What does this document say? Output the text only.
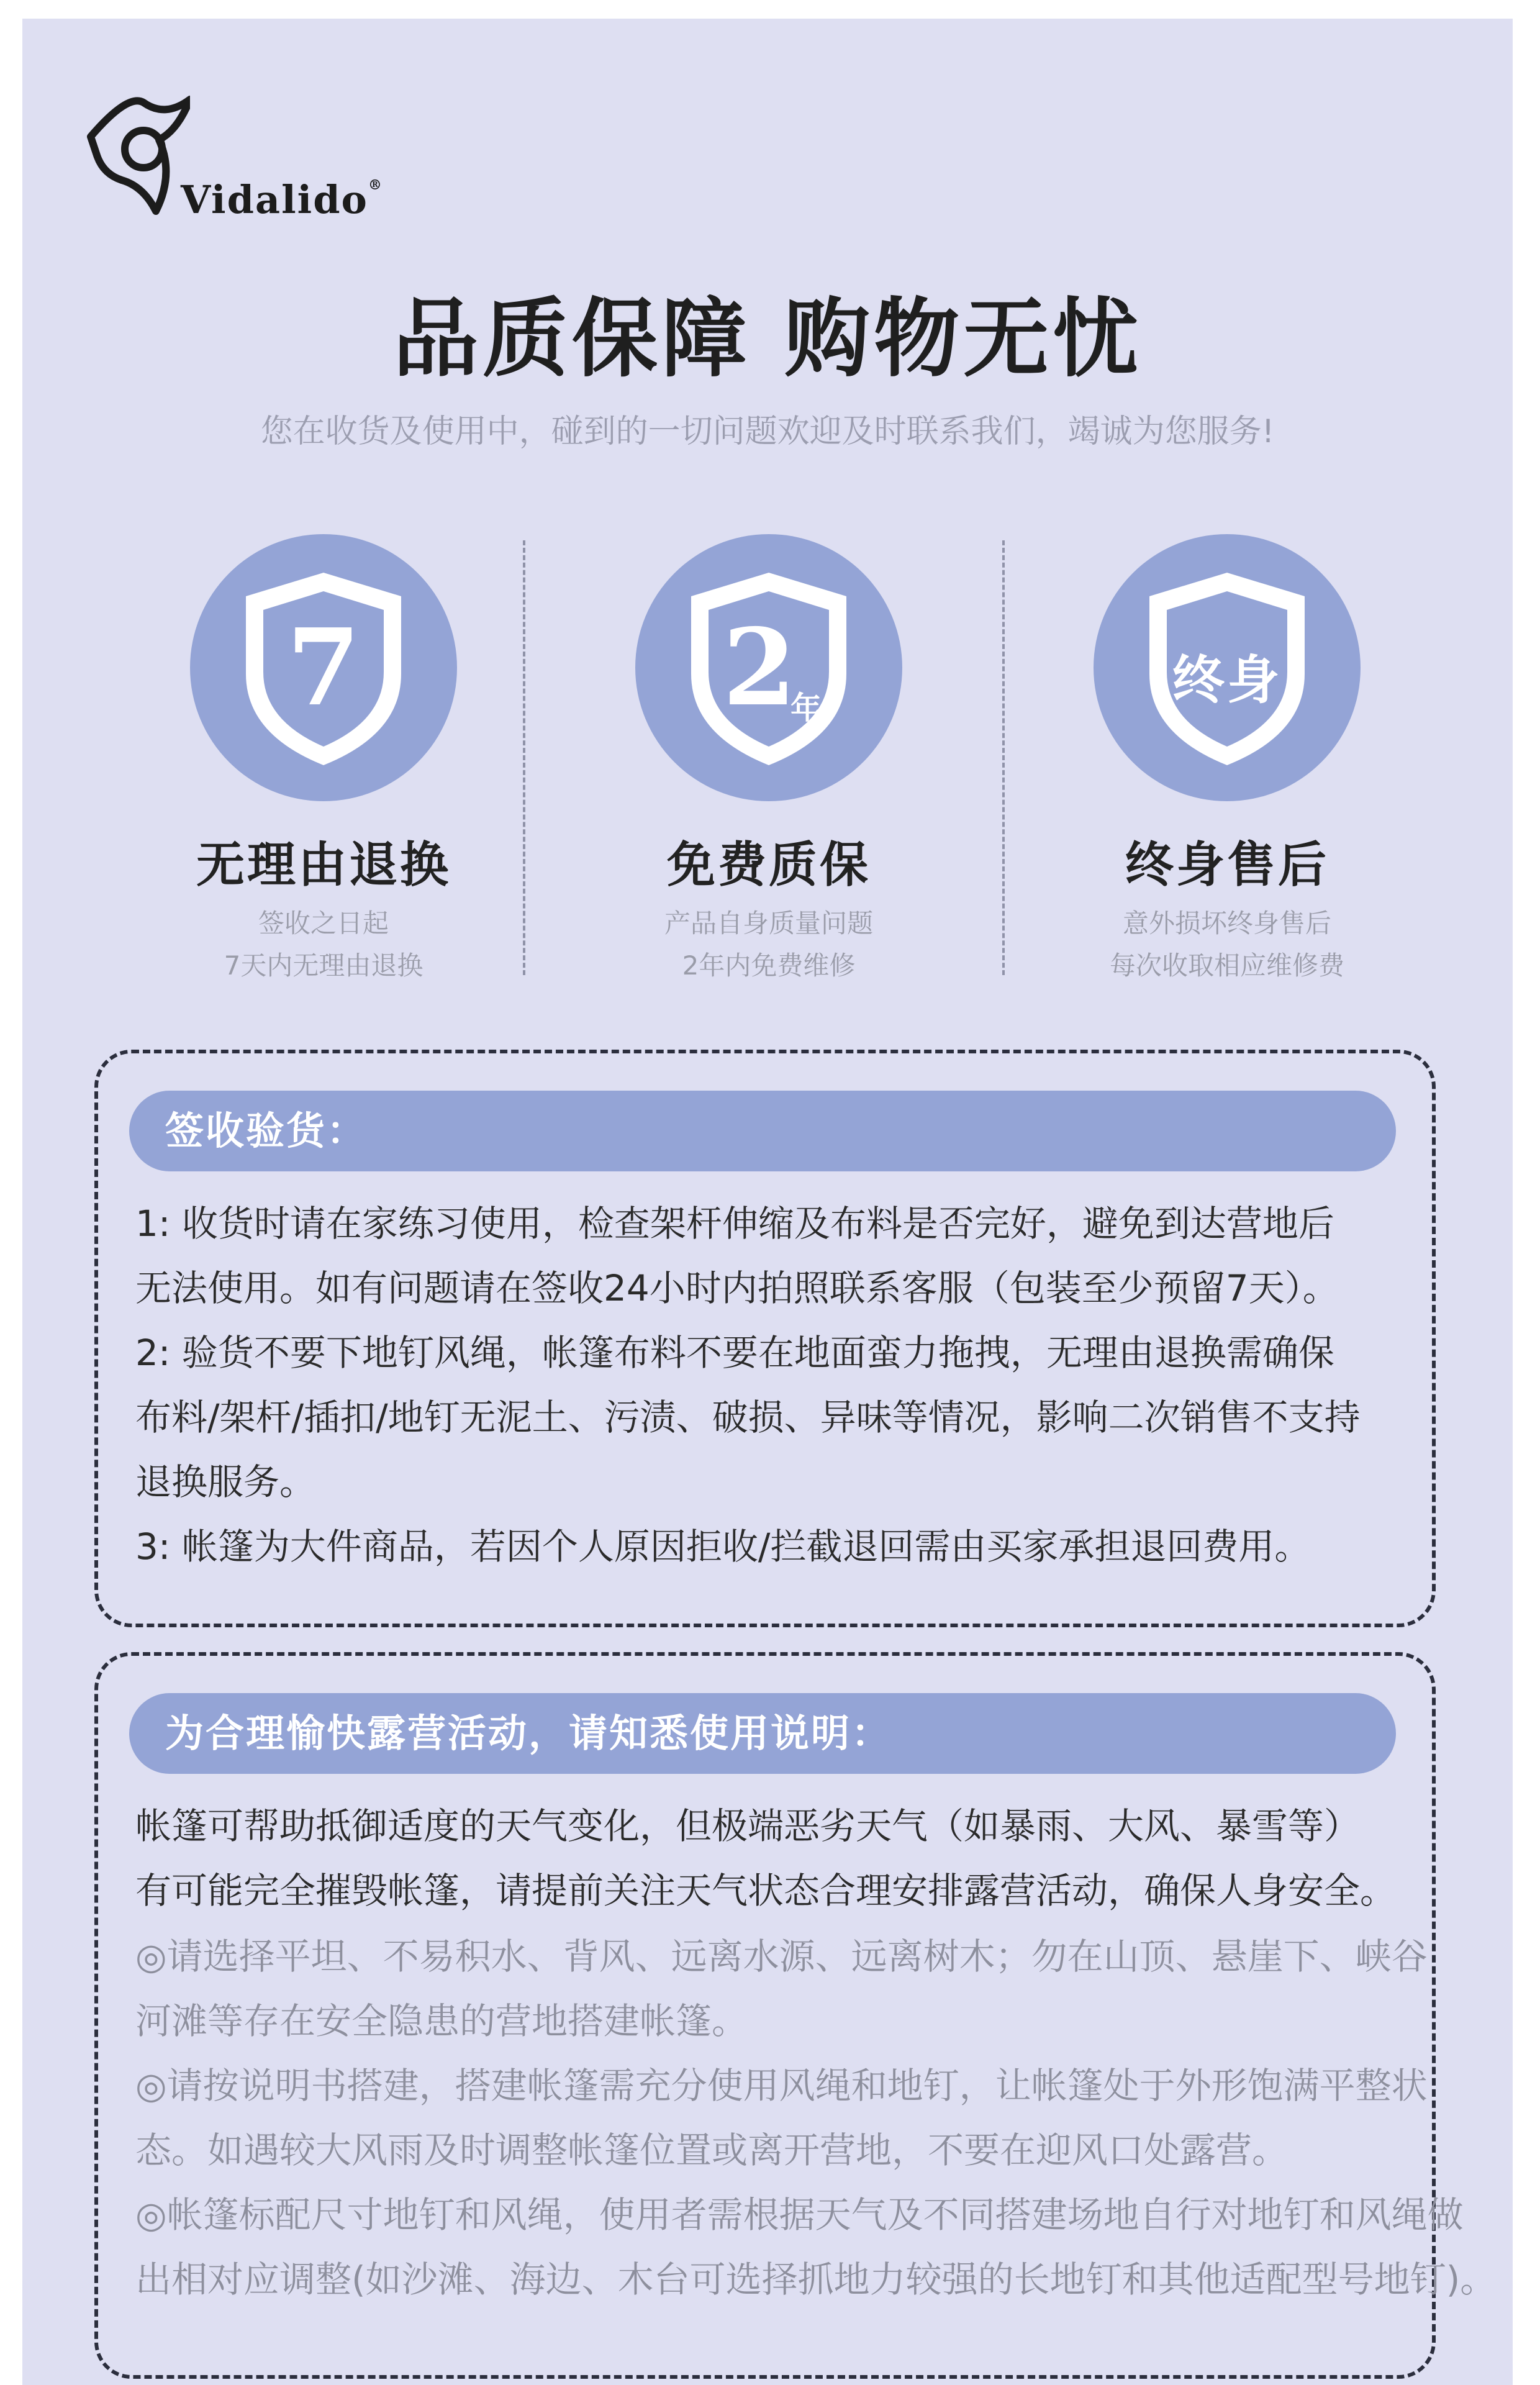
Vidalido®
品质保障 购物无忧
您在收货及使用中，碰到的一切问题欢迎及时联系我们，竭诚为您服务!
7
无理由退换
签收之日起
7天内无理由退换
2
年
免费质保
产品自身质量问题
2年内免费维修
终身
终身售后
意外损坏终身售后
每次收取相应维修费
签收验货：

1: 收货时请在家练习使用，检查架杆伸缩及布料是否完好，避免到达营地后

无法使用。如有问题请在签收24小时内拍照联系客服（包装至少预留7天）。

2: 验货不要下地钉风绳，帐篷布料不要在地面蛮力拖拽，无理由退换需确保

布料/架杆/插扣/地钉无泥土、污渍、破损、异味等情况，影响二次销售不支持

退换服务。

3: 帐篷为大件商品，若因个人原因拒收/拦截退回需由买家承担退回费用。

为合理愉快露营活动，请知悉使用说明：

帐篷可帮助抵御适度的天气变化，但极端恶劣天气（如暴雨、大风、暴雪等）

有可能完全摧毁帐篷，请提前关注天气状态合理安排露营活动，确保人身安全。

◎请选择平坦、不易积水、背风、远离水源、远离树木；勿在山顶、悬崖下、峡谷

河滩等存在安全隐患的营地搭建帐篷。

◎请按说明书搭建，搭建帐篷需充分使用风绳和地钉，让帐篷处于外形饱满平整状

态。如遇较大风雨及时调整帐篷位置或离开营地，不要在迎风口处露营。

◎帐篷标配尺寸地钉和风绳，使用者需根据天气及不同搭建场地自行对地钉和风绳做

出相对应调整(如沙滩、海边、木台可选择抓地力较强的长地钉和其他适配型号地钉)。
